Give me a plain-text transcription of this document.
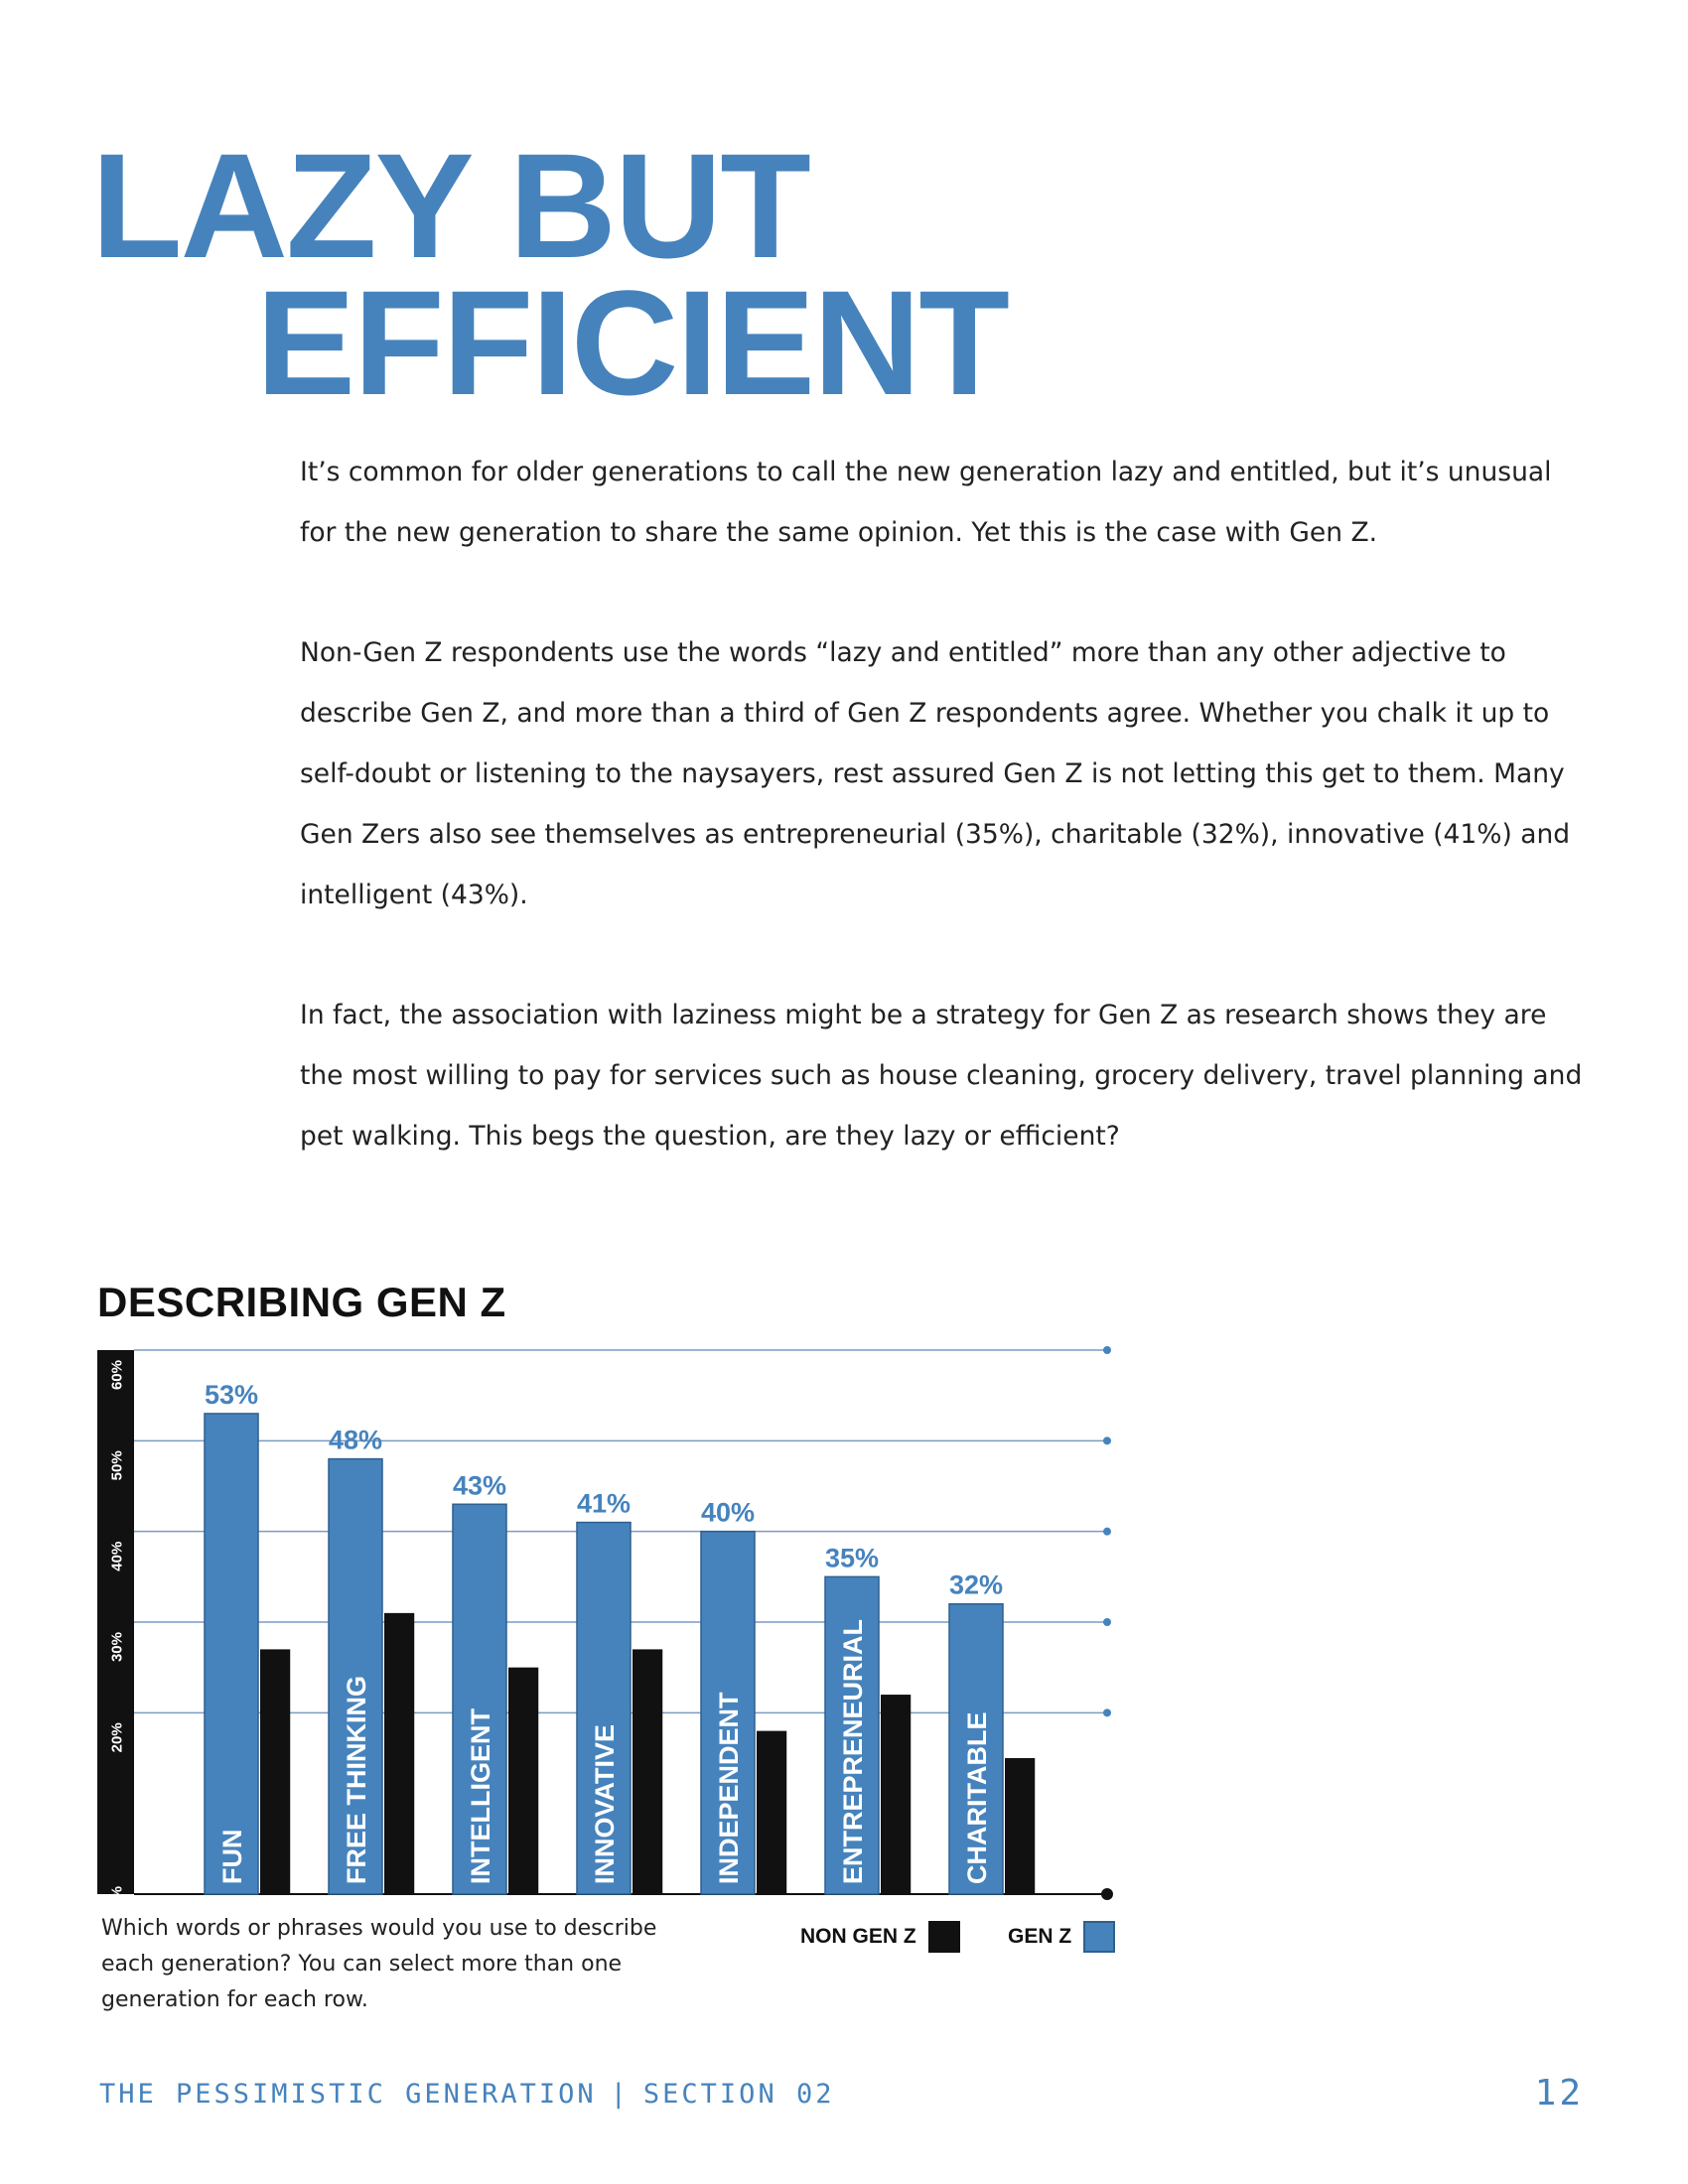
LAZY BUT
EFFICIENT

It’s common for older generations to call the new generation lazy and entitled, but it’s unusual for the new generation to share the same opinion. Yet this is the case with Gen Z.

Non-Gen Z respondents use the words “lazy and entitled” more than any other adjective to describe Gen Z, and more than a third of Gen Z respondents agree. Whether you chalk it up to self-doubt or listening to the naysayers, rest assured Gen Z is not letting this get to them. Many Gen Zers also see themselves as entrepreneurial (35%), charitable (32%), innovative (41%) and intelligent (43%).

In fact, the association with laziness might be a strategy for Gen Z as research shows they are the most willing to pay for services such as house cleaning, grocery delivery, travel planning and pet walking. This begs the question, are they lazy or efficient?

DESCRIBING GEN Z
0%
20%
30%
40%
50%
60%
53%
FUN
48%
FREE THINKING
43%
INTELLIGENT
41%
INNOVATIVE
40%
INDEPENDENT
35%
ENTREPRENEURIAL
32%
CHARITABLE

Which words or phrases would you use to describe each generation? You can select more than one generation for each row.

NON GEN Z	GEN Z

THE PESSIMISTIC GENERATION | SECTION 02	12
